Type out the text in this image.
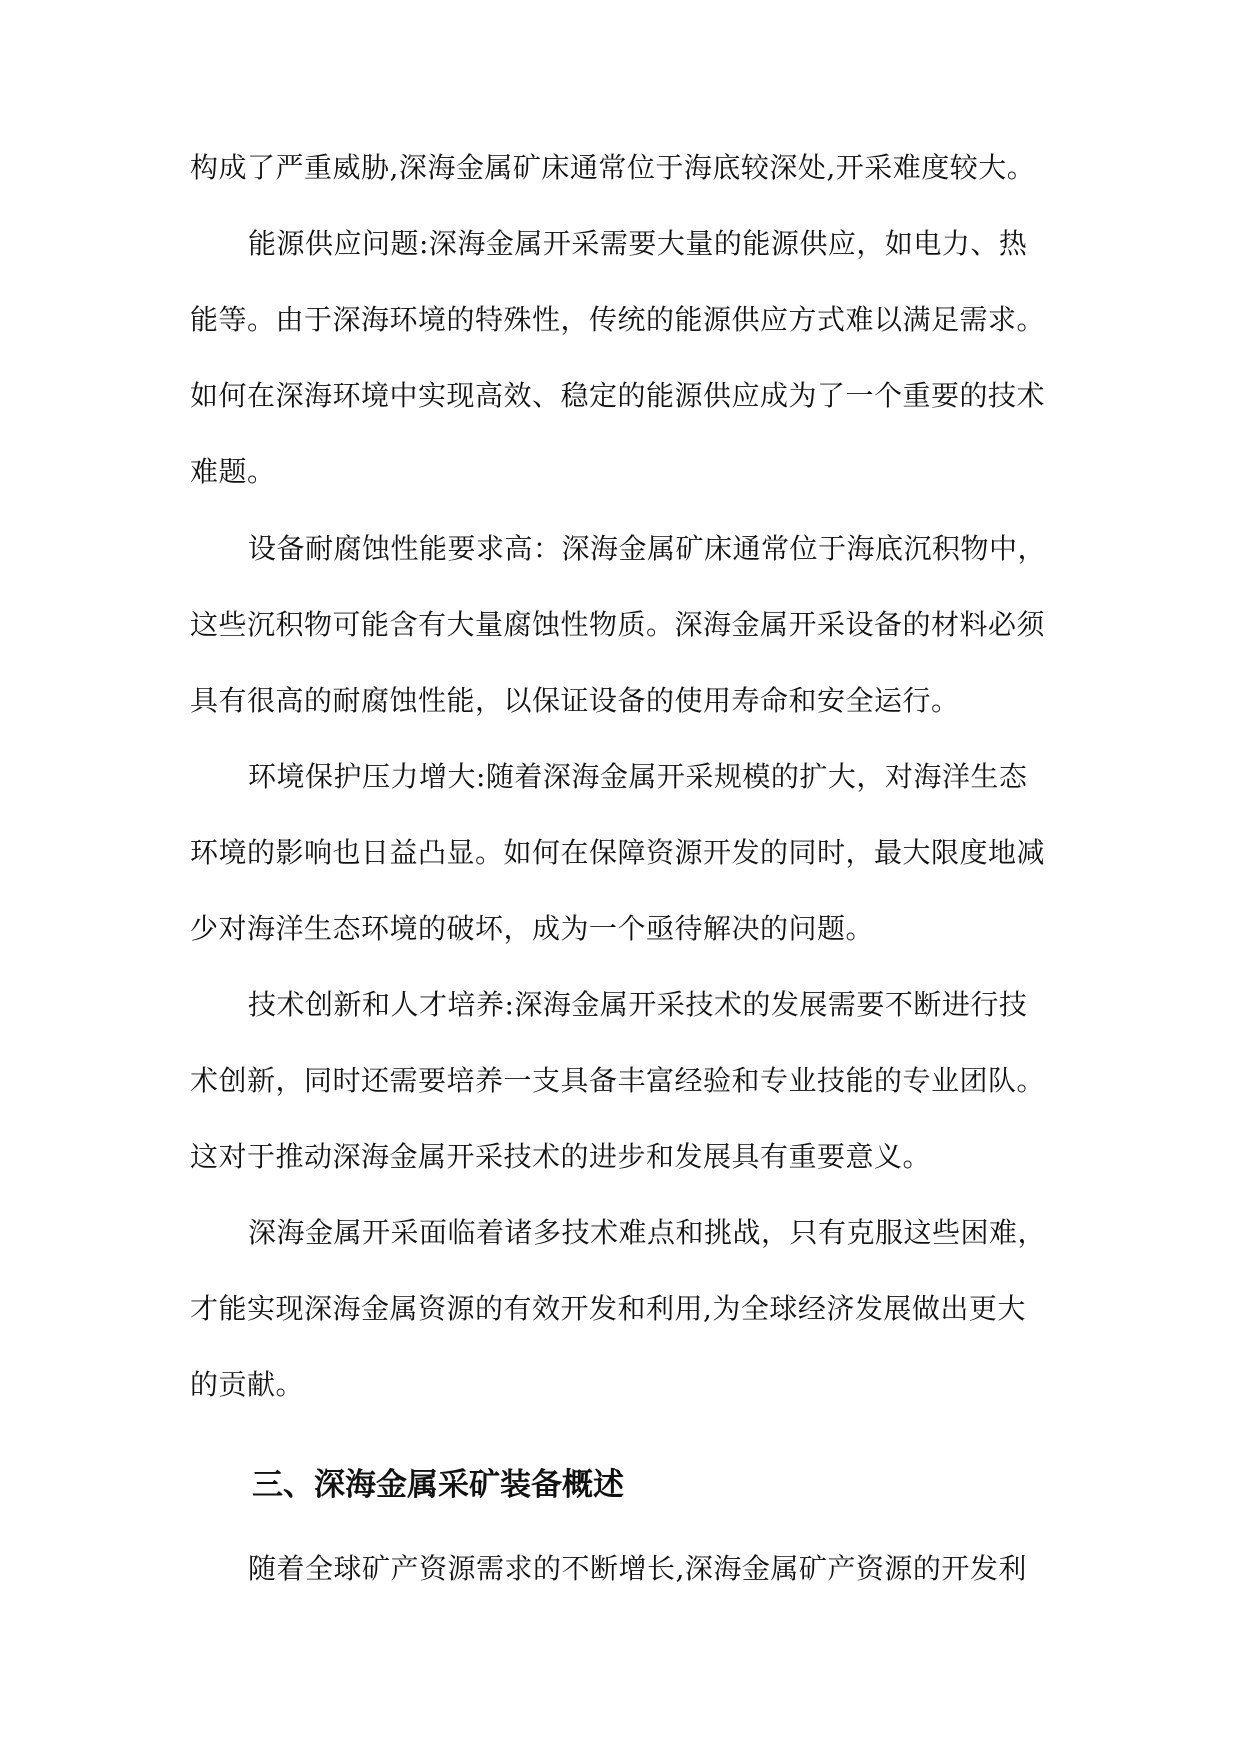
构成了严重威胁,深海金属矿床通常位于海底较深处,开采难度较大。

能源供应问题:深海金属开采需要大量的能源供应，如电力、热

能等。由于深海环境的特殊性，传统的能源供应方式难以满足需求。

如何在深海环境中实现高效、稳定的能源供应成为了一个重要的技术

难题。

设备耐腐蚀性能要求高：深海金属矿床通常位于海底沉积物中，

这些沉积物可能含有大量腐蚀性物质。深海金属开采设备的材料必须

具有很高的耐腐蚀性能，以保证设备的使用寿命和安全运行。

环境保护压力增大:随着深海金属开采规模的扩大，对海洋生态

环境的影响也日益凸显。如何在保障资源开发的同时，最大限度地减

少对海洋生态环境的破坏，成为一个亟待解决的问题。

技术创新和人才培养:深海金属开采技术的发展需要不断进行技

术创新，同时还需要培养一支具备丰富经验和专业技能的专业团队。

这对于推动深海金属开采技术的进步和发展具有重要意义。

深海金属开采面临着诸多技术难点和挑战，只有克服这些困难，

才能实现深海金属资源的有效开发和利用,为全球经济发展做出更大

的贡献。

三、深海金属采矿装备概述

随着全球矿产资源需求的不断增长,深海金属矿产资源的开发利
